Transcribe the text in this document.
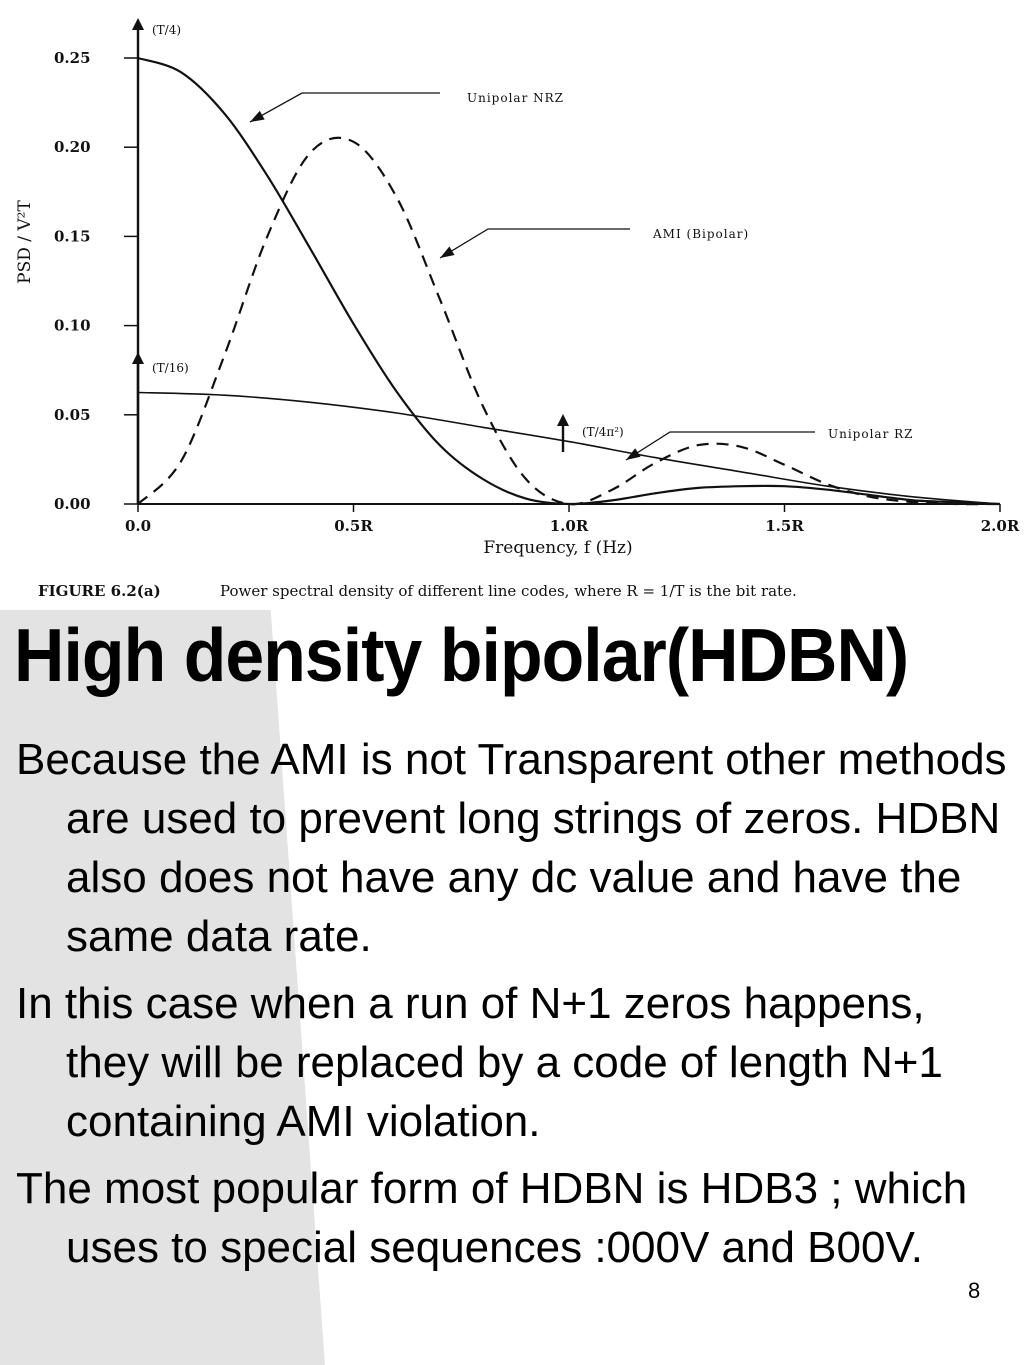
0.00
0.05
0.10
0.15
0.20
0.25
0.0	0.5R	1.0R	1.5R	2.0R
Frequency, f (Hz)
PSD / V²T
(T/4)
(T/16)
(T/4π²)
Unipolar NRZ
AMI (Bipolar)
Unipolar RZ
FIGURE 6.2(a)	Power spectral density of different line codes, where R = 1/T is the bit rate.
High density bipolar(HDBN)
Because the AMI is not Transparent other methods are used to prevent long strings of zeros. HDBN also does not have any dc value and have the same data rate.
In this case when a run of N+1 zeros happens, they will be replaced by a code of length N+1 containing AMI violation.
The most popular form of HDBN is HDB3 ; which uses to special sequences :000V and B00V.
8
